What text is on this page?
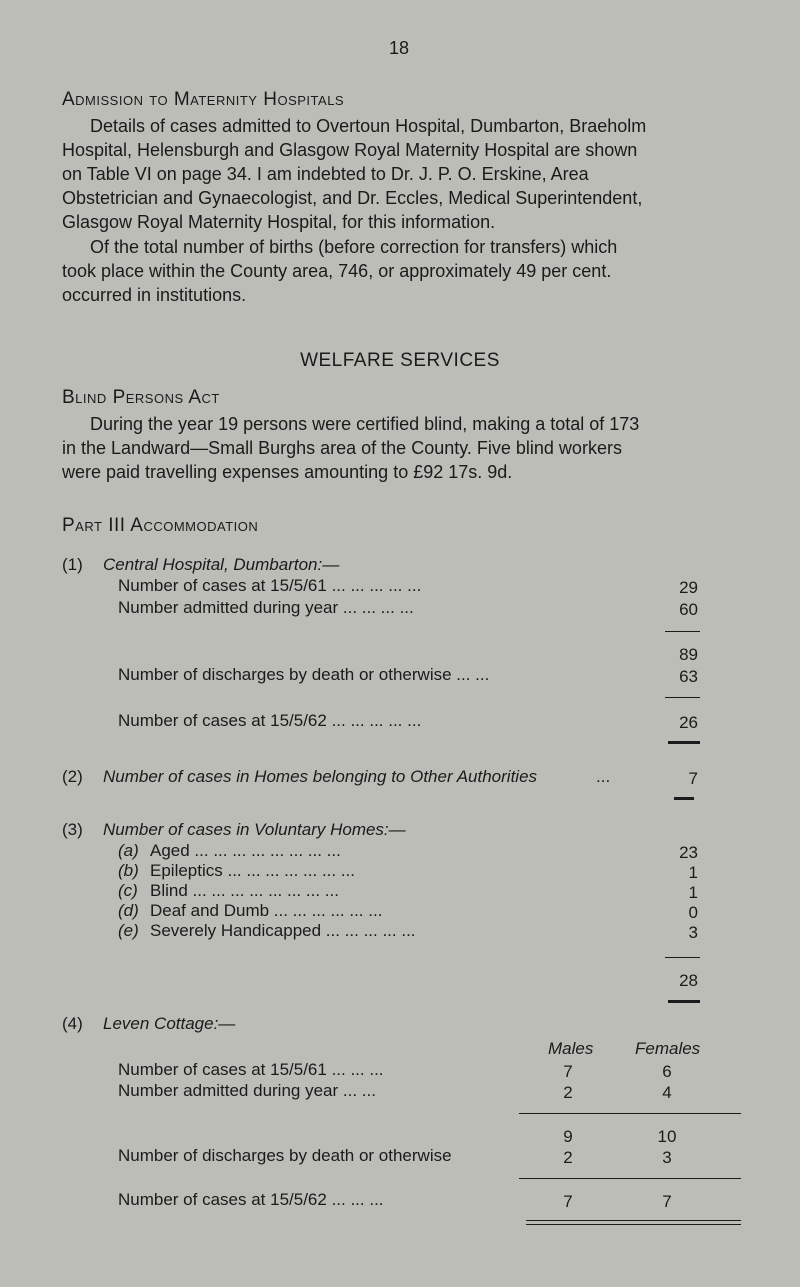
18
Admission to Maternity Hospitals
Details of cases admitted to Overtoun Hospital, Dumbarton, Braeholm
Hospital, Helensburgh and Glasgow Royal Maternity Hospital are shown
on Table VI on page 34. I am indebted to Dr. J. P. O. Erskine, Area
Obstetrician and Gynaecologist, and Dr. Eccles, Medical Superintendent,
Glasgow Royal Maternity Hospital, for this information.
Of the total number of births (before correction for transfers) which
took place within the County area, 746, or approximately 49 per cent.
occurred in institutions.
WELFARE SERVICES
Blind Persons Act
During the year 19 persons were certified blind, making a total of 173
in the Landward—Small Burghs area of the County. Five blind workers
were paid travelling expenses amounting to £92 17s. 9d.
Part III Accommodation
(1) Central Hospital, Dumbarton:—
Number of cases at 15/5/61 ... ... ... ... ...	29
Number admitted during year ... ... ... ...	60
89
Number of discharges by death or otherwise ... ...	63
Number of cases at 15/5/62 ... ... ... ... ...	26
(2) Number of cases in Homes belonging to Other Authorities	...	7
(3) Number of cases in Voluntary Homes:—
(a) Aged ... ... ... ... ... ... ... ...	23
(b) Epileptics ... ... ... ... ... ... ...	1
(c) Blind ... ... ... ... ... ... ... ...	1
(d) Deaf and Dumb ... ... ... ... ... ...	0
(e) Severely Handicapped ... ... ... ... ...	3
28
(4) Leven Cottage:—
Males Females
Number of cases at 15/5/61 ... ... ...	7	6
Number admitted during year ... ...	2	4
9	10
Number of discharges by death or otherwise	2	3
Number of cases at 15/5/62 ... ... ...	7	7
